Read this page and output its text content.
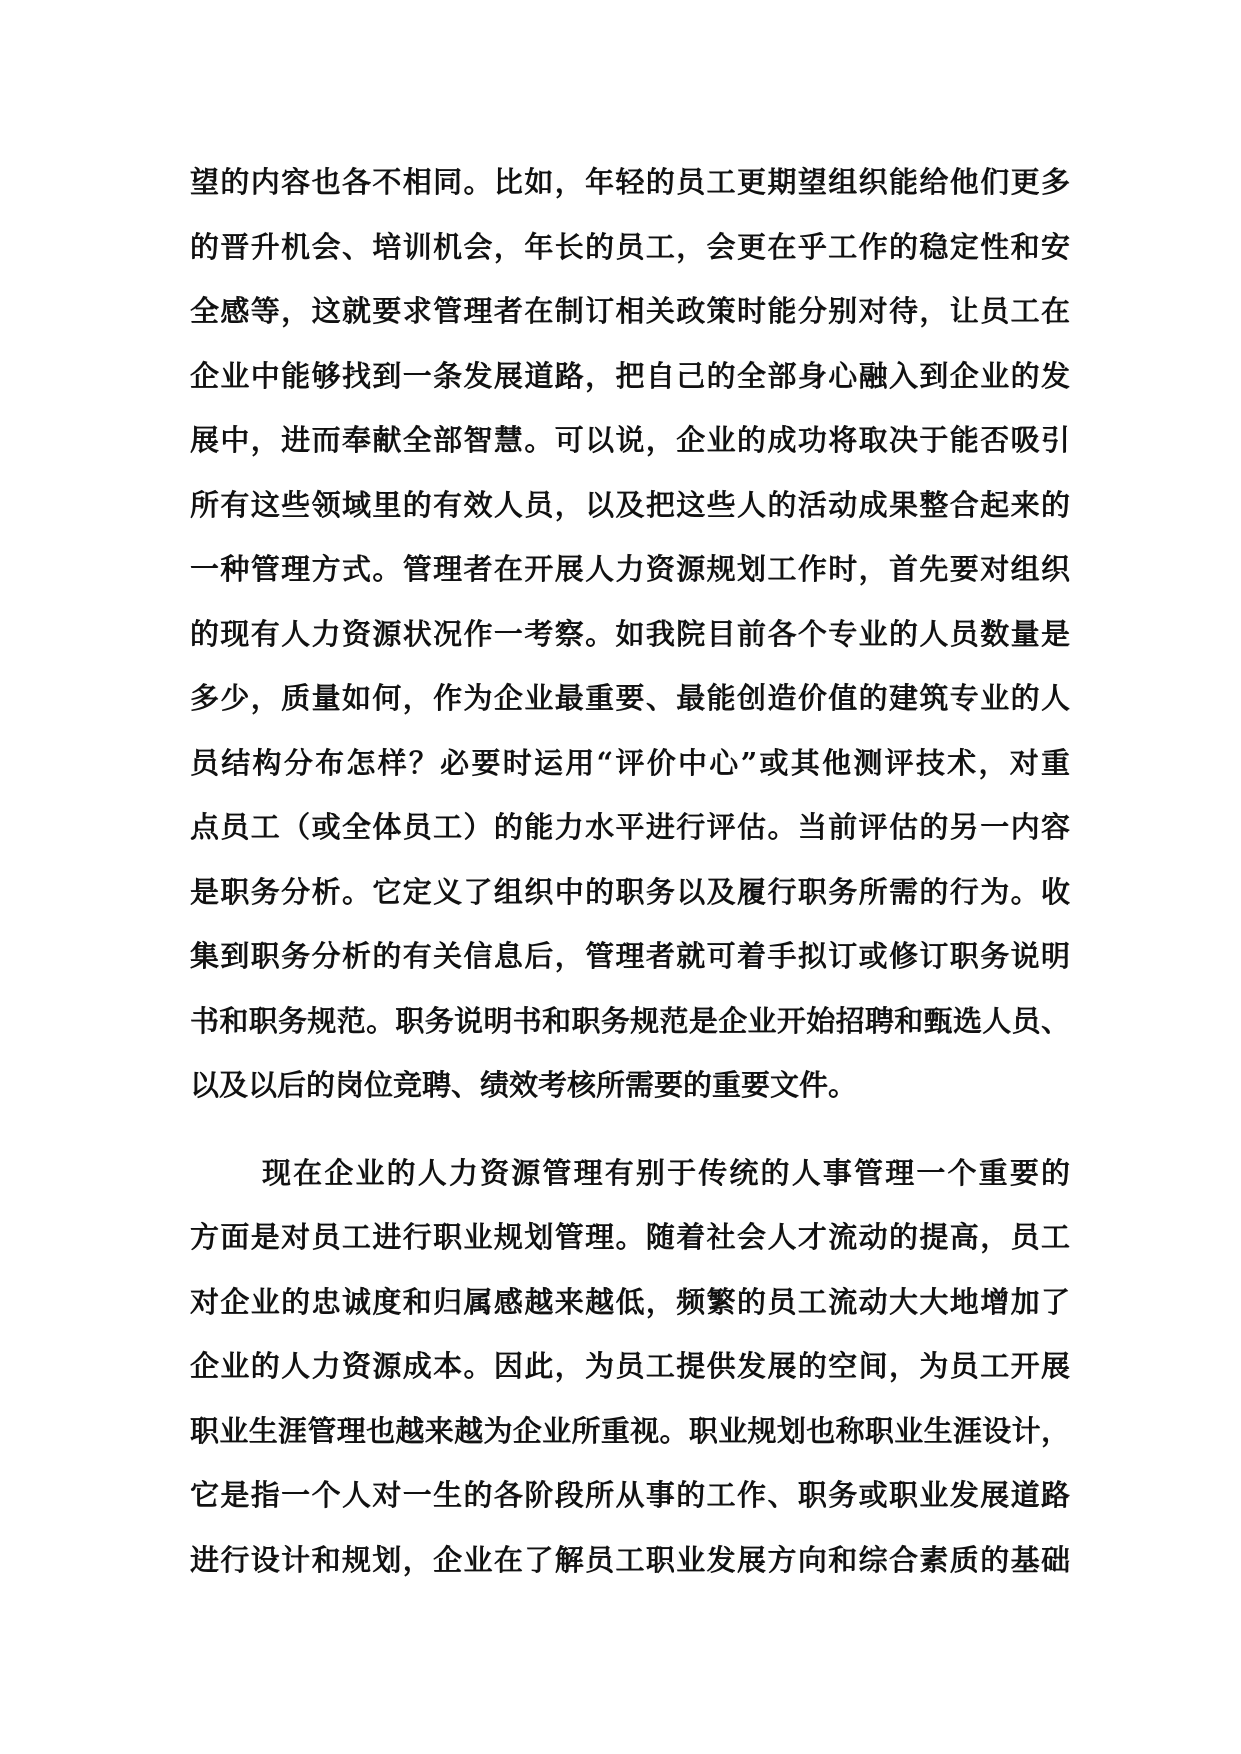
望的内容也各不相同。比如，年轻的员工更期望组织能给他们更多
的晋升机会、培训机会，年长的员工，会更在乎工作的稳定性和安
全感等，这就要求管理者在制订相关政策时能分别对待，让员工在
企业中能够找到一条发展道路，把自己的全部身心融入到企业的发
展中，进而奉献全部智慧。可以说，企业的成功将取决于能否吸引
所有这些领域里的有效人员，以及把这些人的活动成果整合起来的
一种管理方式。管理者在开展人力资源规划工作时，首先要对组织
的现有人力资源状况作一考察。如我院目前各个专业的人员数量是
多少，质量如何，作为企业最重要、最能创造价值的建筑专业的人
员结构分布怎样？必要时运用“评价中心”或其他测评技术，对重
点员工（或全体员工）的能力水平进行评估。当前评估的另一内容
是职务分析。它定义了组织中的职务以及履行职务所需的行为。收
集到职务分析的有关信息后，管理者就可着手拟订或修订职务说明
书和职务规范。职务说明书和职务规范是企业开始招聘和甄选人员、
以及以后的岗位竞聘、绩效考核所需要的重要文件。
现在企业的人力资源管理有别于传统的人事管理一个重要的
方面是对员工进行职业规划管理。随着社会人才流动的提高，员工
对企业的忠诚度和归属感越来越低，频繁的员工流动大大地增加了
企业的人力资源成本。因此，为员工提供发展的空间，为员工开展
职业生涯管理也越来越为企业所重视。职业规划也称职业生涯设计，
它是指一个人对一生的各阶段所从事的工作、职务或职业发展道路
进行设计和规划，企业在了解员工职业发展方向和综合素质的基础
